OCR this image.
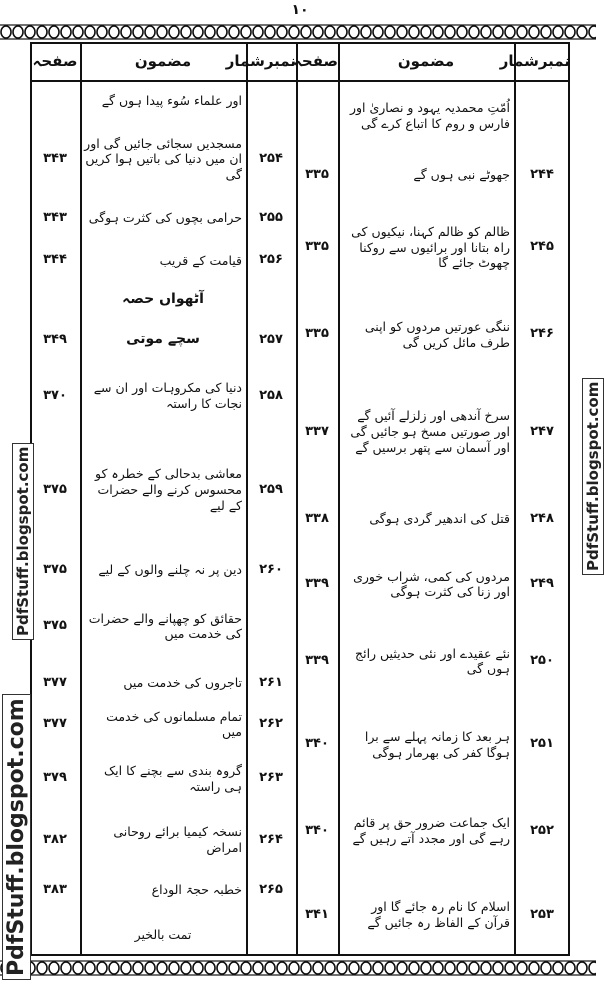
۱۰
نمبرشمار
مضمون
صفحہ
نمبرشمار
مضمون
صفحہ
اُمّتِ محمدیہ یہود و نصاریٰ اور فارس و روم کا اتباع کرے گی
۲۴۴
جھوٹے نبی ہوں گے
۳۳۵
۲۴۵
ظالم کو ظالم کہنا، نیکیوں کی راہ بتانا اور برائیوں سے روکنا چھوٹ جائے گا
۳۳۵
۲۴۶
ننگی عورتیں مردوں کو اپنی طرف مائل کریں گی
۳۳۵
۲۴۷
سرخ آندھی اور زلزلے آئیں گے اور صورتیں مسخ ہو جائیں گی اور آسمان سے پتھر برسیں گے
۳۳۷
۲۴۸
قتل کی اندھیر گردی ہوگی
۳۳۸
۲۴۹
مردوں کی کمی، شراب خوری اور زنا کی کثرت ہوگی
۳۳۹
۲۵۰
نئے عقیدے اور نئی حدیثیں رائج ہوں گی
۳۳۹
۲۵۱
ہر بعد کا زمانہ پہلے سے برا ہوگا کفر کی بھرمار ہوگی
۳۴۰
۲۵۲
ایک جماعت ضرور حق پر قائم رہے گی اور مجدد آتے رہیں گے
۳۴۰
۲۵۳
اسلام کا نام رہ جائے گا اور قرآن کے الفاظ رہ جائیں گے
۳۴۱
اور علماء سُوء پیدا ہوں گے
۲۵۴
مسجدیں سجائی جائیں گی اور ان میں دنیا کی باتیں ہوا کریں گی
۳۴۳
۲۵۵
حرامی بچوں کی کثرت ہوگی
۳۴۳
۲۵۶
قیامت کے قریب
۳۴۴
آٹھواں حصہ
۲۵۷
سچے موتی
۳۴۹
۲۵۸
دنیا کی مکروہات اور ان سے نجات کا راستہ
۳۷۰
۲۵۹
معاشی بدحالی کے خطرہ کو محسوس کرنے والے حضرات کے لیے
۳۷۵
۲۶۰
دین پر نہ چلنے والوں کے لیے
۳۷۵
حقائق کو چھپانے والے حضرات کی خدمت میں
۳۷۵
۲۶۱
تاجروں کی خدمت میں
۳۷۷
۲۶۲
تمام مسلمانوں کی خدمت میں
۳۷۷
۲۶۳
گروہ بندی سے بچنے کا ایک ہی راستہ
۳۷۹
۲۶۴
نسخہ کیمیا برائے روحانی امراض
۳۸۲
۲۶۵
خطبہ حجۃ الوداع
۳۸۳
تمت بالخیر
PdfStuff.blogspot.com
PdfStuff.blogspot.com	PdfStuff.blogspot.com
